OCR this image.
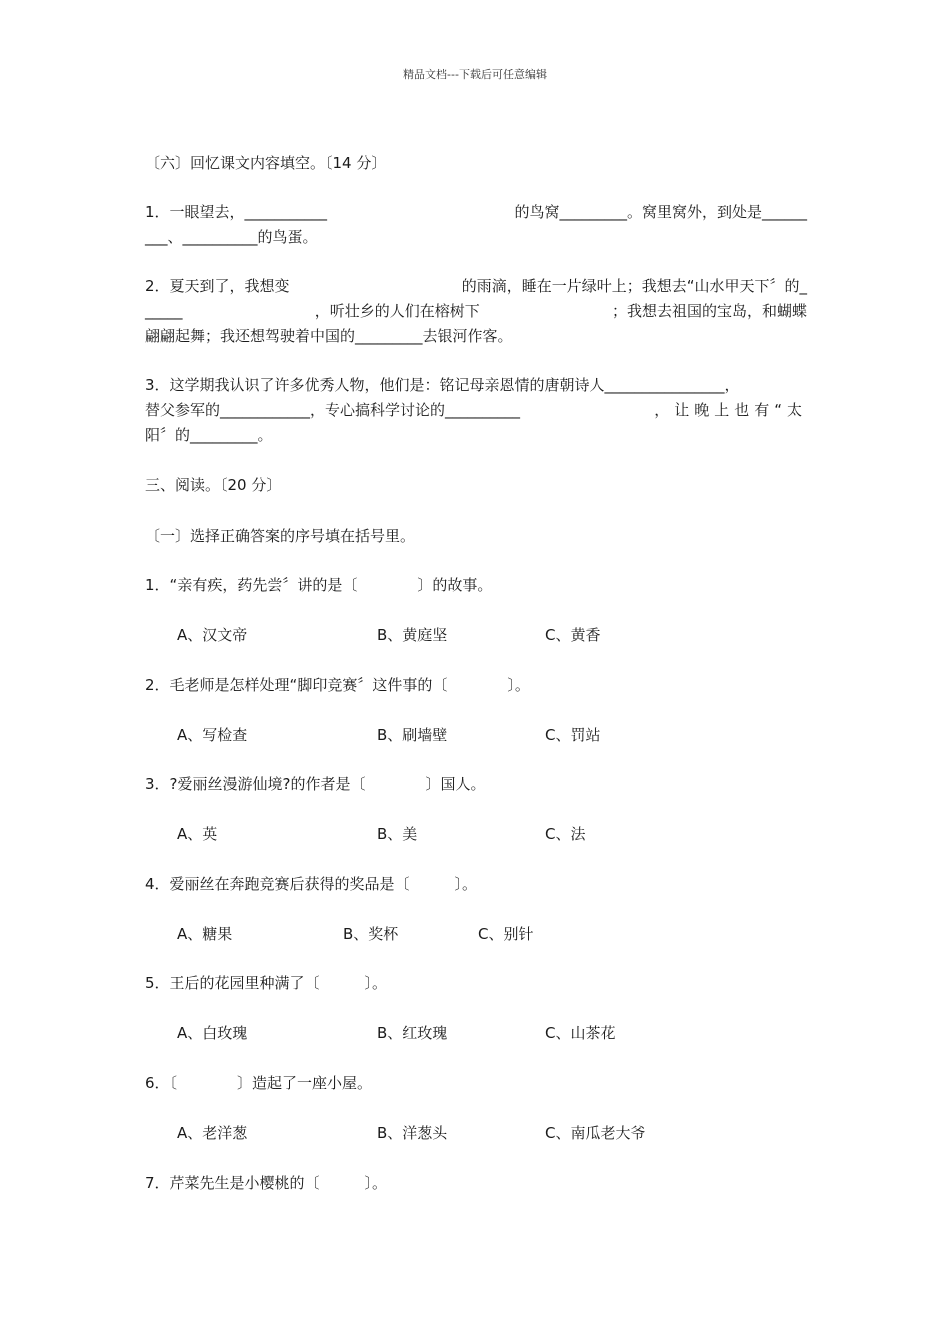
精品文档---下载后可任意编辑
〔六〕回忆课文内容填空。〔14 分〕
1．一眼望去，___________	的鸟窝_________。窝里窝外，到处是______
___、__________的鸟蛋。
2．夏天到了，我想变	的雨滴，睡在一片绿叶上；我想去“山水甲天下〞的_
_____	，听壮乡的人们在榕树下	；我想去祖国的宝岛，和蝴蝶
翩翩起舞；我还想驾驶着中国的_________去银河作客。
3．这学期我认识了许多优秀人物，他们是：铭记母亲恩情的唐朝诗人________________，
替父参军的____________，专心搞科学讨论的__________	，让晚上也有“太
阳〞的_________。
三、阅读。〔20 分〕
〔一〕选择正确答案的序号填在括号里。
1．“亲有疾，药先尝〞讲的是〔　　　　〕的故事。
A、汉文帝	B、黄庭坚	C、黄香
2．毛老师是怎样处理“脚印竞赛〞这件事的〔　　　　〕。
A、写检查	B、刷墙壁	C、罚站
3．?爱丽丝漫游仙境?的作者是〔　　　　〕国人。
A、英	B、美	C、法
4．爱丽丝在奔跑竞赛后获得的奖品是〔　　　〕。
A、糖果	B、奖杯	C、别针
5．王后的花园里种满了〔　　　〕。
A、白玫瑰	B、红玫瑰	C、山茶花
6．〔　　　　〕造起了一座小屋。
A、老洋葱	B、洋葱头	C、南瓜老大爷
7．芹菜先生是小樱桃的〔　　　〕。
